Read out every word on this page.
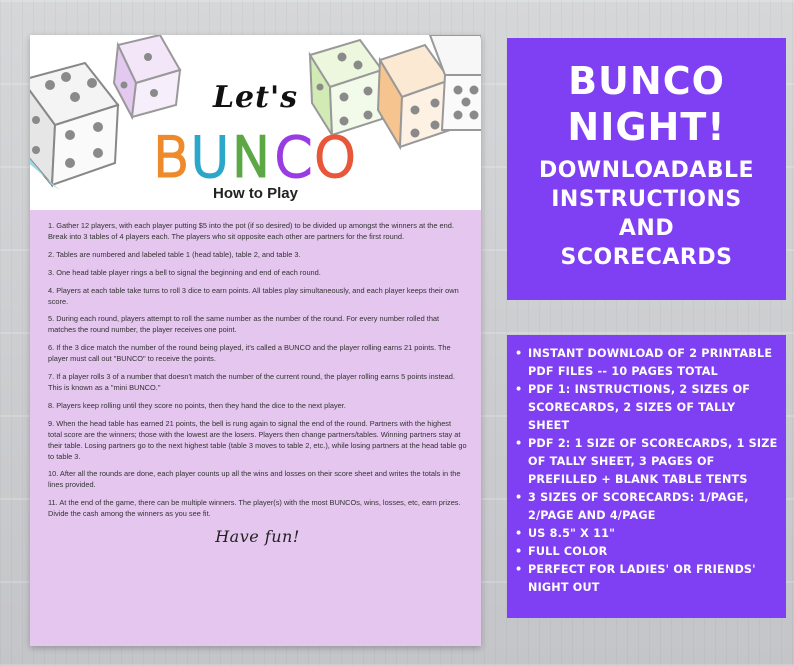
Let's
BUNCO
How to Play

1. Gather 12 players, with each player putting $5 into the pot (if so desired) to be divided up amongst the winners at the end. Break into 3 tables of 4 players each. The players who sit opposite each other are partners for the first round.

2. Tables are numbered and labeled table 1 (head table), table 2, and table 3.

3. One head table player rings a bell to signal the beginning and end of each round.

4. Players at each table take turns to roll 3 dice to earn points. All tables play simultaneously, and each player keeps their own score.

5. During each round, players attempt to roll the same number as the number of the round. For every number rolled that matches the round number, the player receives one point.

6. If the 3 dice match the number of the round being played, it's called a BUNCO and the player rolling earns 21 points. The player must call out "BUNCO" to receive the points.

7. If a player rolls 3 of a number that doesn't match the number of the current round, the player rolling earns 5 points instead. This is known as a "mini BUNCO."

8. Players keep rolling until they score no points, then they hand the dice to the next player.

9. When the head table has earned 21 points, the bell is rung again to signal the end of the round. Partners with the highest total score are the winners; those with the lowest are the losers. Players then change partners/tables. Winning partners stay at their table. Losing partners go to the next highest table (table 3 moves to table 2, etc.), while losing partners at the head table go to table 3.

10. After all the rounds are done, each player counts up all the wins and losses on their score sheet and writes the totals in the lines provided.

11. At the end of the game, there can be multiple winners. The player(s) with the most BUNCOs, wins, losses, etc, earn prizes. Divide the cash among the winners as you see fit.

Have fun!
BUNCO
NIGHT!
DOWNLOADABLE
INSTRUCTIONS
AND
SCORECARDS
• INSTANT DOWNLOAD OF 2 PRINTABLE PDF FILES -- 10 PAGES TOTAL
• PDF 1: INSTRUCTIONS, 2 SIZES OF SCORECARDS, 2 SIZES OF TALLY SHEET
• PDF 2: 1 SIZE OF SCORECARDS, 1 SIZE OF TALLY SHEET, 3 PAGES OF PREFILLED + BLANK TABLE TENTS
• 3 SIZES OF SCORECARDS: 1/PAGE, 2/PAGE AND 4/PAGE
• US 8.5" X 11"
• FULL COLOR
• PERFECT FOR LADIES' OR FRIENDS' NIGHT OUT
